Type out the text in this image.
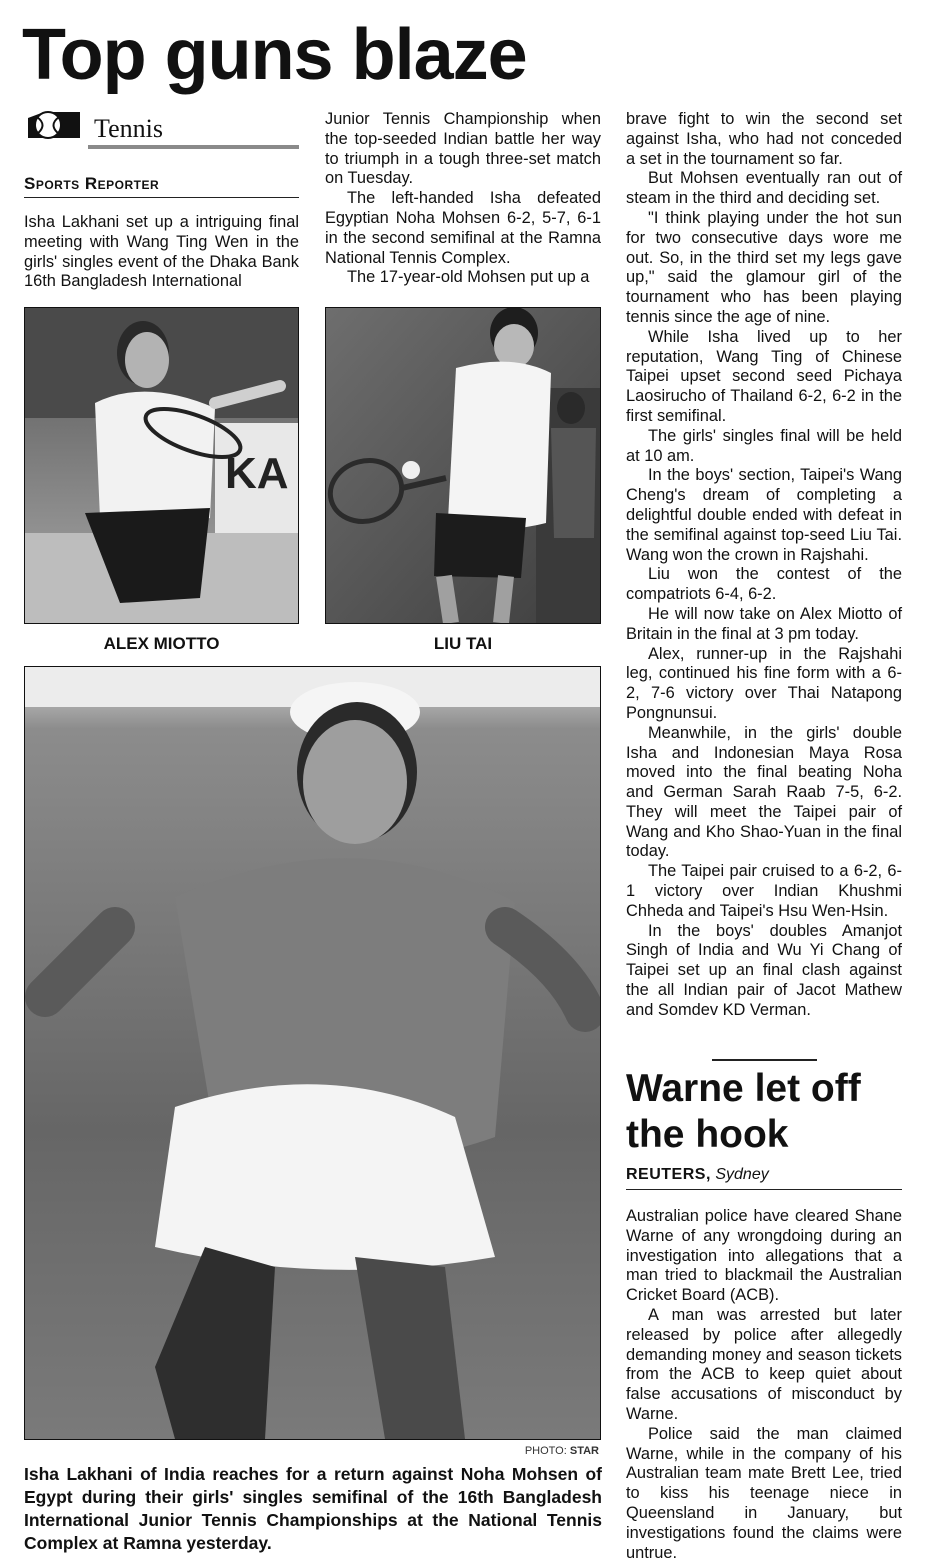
Top guns blaze
Tennis
Sports Reporter

Isha Lakhani set up a intriguing final meeting with Wang Ting Wen in the girls' singles event of the Dhaka Bank 16th Bangladesh International

Junior Tennis Championship when the top-seeded Indian battle her way to triumph in a tough three-set match on Tuesday.

The left-handed Isha defeated Egyptian Noha Mohsen 6-2, 5-7, 6-1 in the second semifinal at the Ramna National Tennis Complex.

The 17-year-old Mohsen put up a

KA
ALEX MIOTTO	LIU TAI
PHOTO: STAR
Isha Lakhani of India reaches for a return against Noha Mohsen of Egypt during their girls' singles semifinal of the 16th Bangladesh International Junior Tennis Championships at the National Tennis Complex at Ramna yesterday.

brave fight to win the second set against Isha, who had not conceded a set in the tournament so far.

But Mohsen eventually ran out of steam in the third and deciding set.

"I think playing under the hot sun for two consecutive days wore me out. So, in the third set my legs gave up," said the glamour girl of the tournament who has been playing tennis since the age of nine.

While Isha lived up to her reputation, Wang Ting of Chinese Taipei upset second seed Pichaya Laosirucho of Thailand 6-2, 6-2 in the first semifinal.

The girls' singles final will be held at 10 am.

In the boys' section, Taipei's Wang Cheng's dream of completing a delightful double ended with defeat in the semifinal against top-seed Liu Tai. Wang won the crown in Rajshahi.

Liu won the contest of the compatriots 6-4, 6-2.

He will now take on Alex Miotto of Britain in the final at 3 pm today.

Alex, runner-up in the Rajshahi leg, continued his fine form with a 6-2, 7-6 victory over Thai Natapong Pongnunsui.

Meanwhile, in the girls' double Isha and Indonesian Maya Rosa moved into the final beating Noha and German Sarah Raab 7-5, 6-2. They will meet the Taipei pair of Wang and Kho Shao-Yuan in the final today.

The Taipei pair cruised to a 6-2, 6-1 victory over Indian Khushmi Chheda and Taipei's Hsu Wen-Hsin.

In the boys' doubles Amanjot Singh of India and Wu Yi Chang of Taipei set up an final clash against the all Indian pair of Jacot Mathew and Somdev KD Verman.

Warne let off the hook
REUTERS, Sydney

Australian police have cleared Shane Warne of any wrongdoing during an investigation into allegations that a man tried to blackmail the Australian Cricket Board (ACB).

A man was arrested but later released by police after allegedly demanding money and season tickets from the ACB to keep quiet about false accusations of misconduct by Warne.

Police said the man claimed Warne, while in the company of his Australian team mate Brett Lee, tried to kiss his teenage niece in Queensland in January, but investigations found the claims were untrue.
